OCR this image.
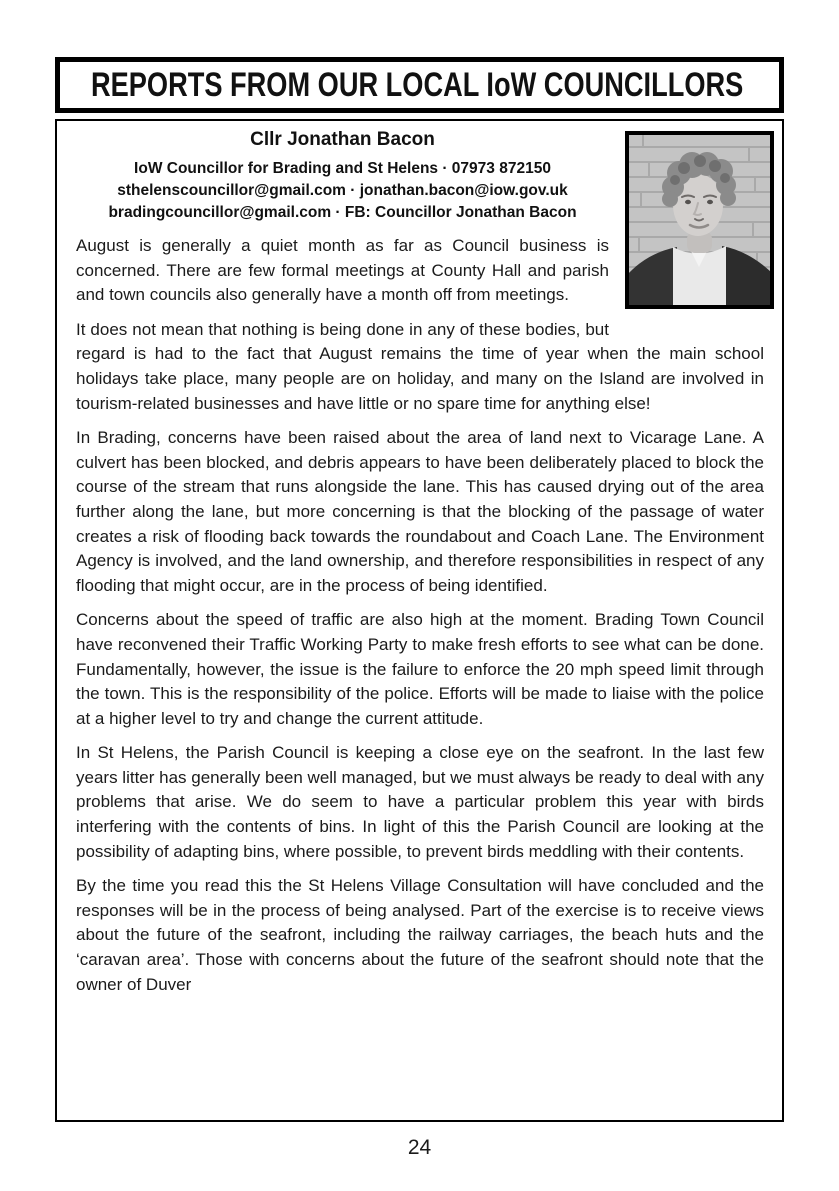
REPORTS FROM OUR LOCAL IoW COUNCILLORS
Cllr Jonathan Bacon
IoW Councillor for Brading and St Helens · 07973 872150
sthelenscouncillor@gmail.com · jonathan.bacon@iow.gov.uk
bradingcouncillor@gmail.com · FB: Councillor Jonathan Bacon

August is generally a quiet month as far as Council business is concerned. There are few formal meetings at County Hall and parish and town councils also generally have a month off from meetings.

It does not mean that nothing is being done in any of these bodies, but regard is had to the fact that August remains the time of year when the main school holidays take place, many people are on holiday, and many on the Island are involved in tourism-related businesses and have little or no spare time for anything else!

In Brading, concerns have been raised about the area of land next to Vicarage Lane. A culvert has been blocked, and debris appears to have been deliberately placed to block the course of the stream that runs alongside the lane. This has caused drying out of the area further along the lane, but more concerning is that the blocking of the passage of water creates a risk of flooding back towards the roundabout and Coach Lane. The Environment Agency is involved, and the land ownership, and therefore responsibilities in respect of any flooding that might occur, are in the process of being identified.

Concerns about the speed of traffic are also high at the moment. Brading Town Council have reconvened their Traffic Working Party to make fresh efforts to see what can be done. Fundamentally, however, the issue is the failure to enforce the 20 mph speed limit through the town. This is the responsibility of the police. Efforts will be made to liaise with the police at a higher level to try and change the current attitude.

In St Helens, the Parish Council is keeping a close eye on the seafront. In the last few years litter has generally been well managed, but we must always be ready to deal with any problems that arise. We do seem to have a particular problem this year with birds interfering with the contents of bins. In light of this the Parish Council are looking at the possibility of adapting bins, where possible, to prevent birds meddling with their contents.

By the time you read this the St Helens Village Consultation will have concluded and the responses will be in the process of being analysed. Part of the exercise is to receive views about the future of the seafront, including the railway carriages, the beach huts and the ‘caravan area’. Those with concerns about the future of the seafront should note that the owner of Duver

24
